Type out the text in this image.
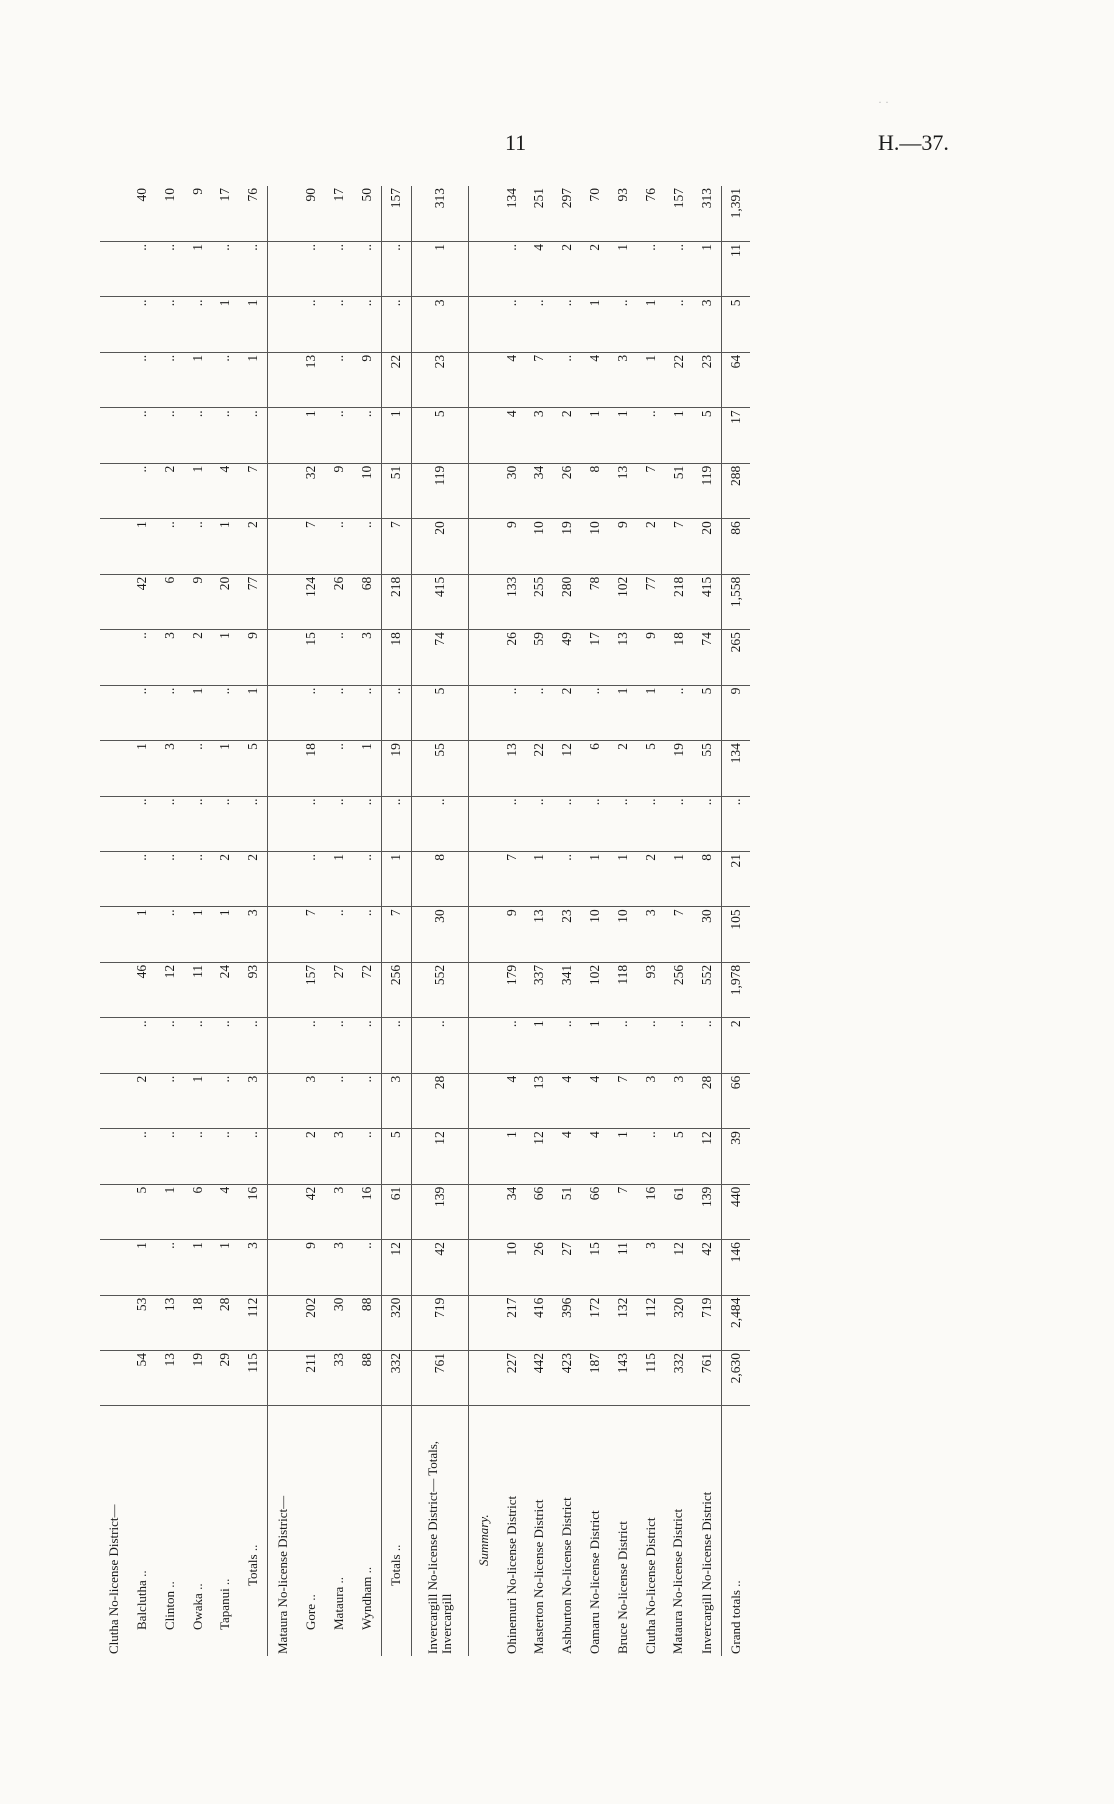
· ·
11	H.—37.
Clutha No-license District—																						
Balclutha ..	54	53	1	5	..	2	..	46	1	..	..	1	..	..	42	1	..	..	..	..	..	40
Clinton ..	13	13	..	1	..	..	..	12	..	..	..	3	..	3	6	..	2	..	..	..	..	10
Owaka ..	19	18	1	6	..	1	..	11	1	..	..	..	1	2	9	..	1	..	1	..	1	9
Tapanui ..	29	28	1	4	..	..	..	24	1	2	..	1	..	1	20	1	4	..	..	1	..	17
Totals ..	115	112	3	16	..	3	..	93	3	2	..	5	1	9	77	2	7	..	1	1	..	76
Mataura No-license District—																						
Gore ..	211	202	9	42	2	3	..	157	7	..	..	18	..	15	124	7	32	1	13	..	..	90
Mataura ..	33	30	3	3	3	..	..	27	..	1	..	..	..	..	26	..	9	..	..	..	..	17
Wyndham ..	88	88	..	16	..	..	..	72	..	..	..	1	..	3	68	..	10	..	9	..	..	50
Totals ..	332	320	12	61	5	3	..	256	7	1	..	19	..	18	218	7	51	1	22	..	..	157
Invercargill No-license District— Totals, Invercargill	761	719	42	139	12	28	..	552	30	8	..	55	5	74	415	20	119	5	23	3	1	313
Summary.																						
Ohinemuri No-license District	227	217	10	34	1	4	..	179	9	7	..	13	..	26	133	9	30	4	4	..	..	134
Masterton No-license District	442	416	26	66	12	13	1	337	13	1	..	22	..	59	255	10	34	3	7	..	4	251
Ashburton No-license District	423	396	27	51	4	4	..	341	23	..	..	12	2	49	280	19	26	2	..	..	2	297
Oamaru No-license District	187	172	15	66	4	4	1	102	10	1	..	6	..	17	78	10	8	1	4	1	2	70
Bruce No-license District	143	132	11	7	1	7	..	118	10	1	..	2	1	13	102	9	13	1	3	..	1	93
Clutha No-license District	115	112	3	16	..	3	..	93	3	2	..	5	1	9	77	2	7	..	1	1	..	76
Mataura No-license District	332	320	12	61	5	3	..	256	7	1	..	19	..	18	218	7	51	1	22	..	..	157
Invercargill No-license District	761	719	42	139	12	28	..	552	30	8	..	55	5	74	415	20	119	5	23	3	1	313
Grand totals ..	2,630	2,484	146	440	39	66	2	1,978	105	21	..	134	9	265	1,558	86	288	17	64	5	11	1,391
